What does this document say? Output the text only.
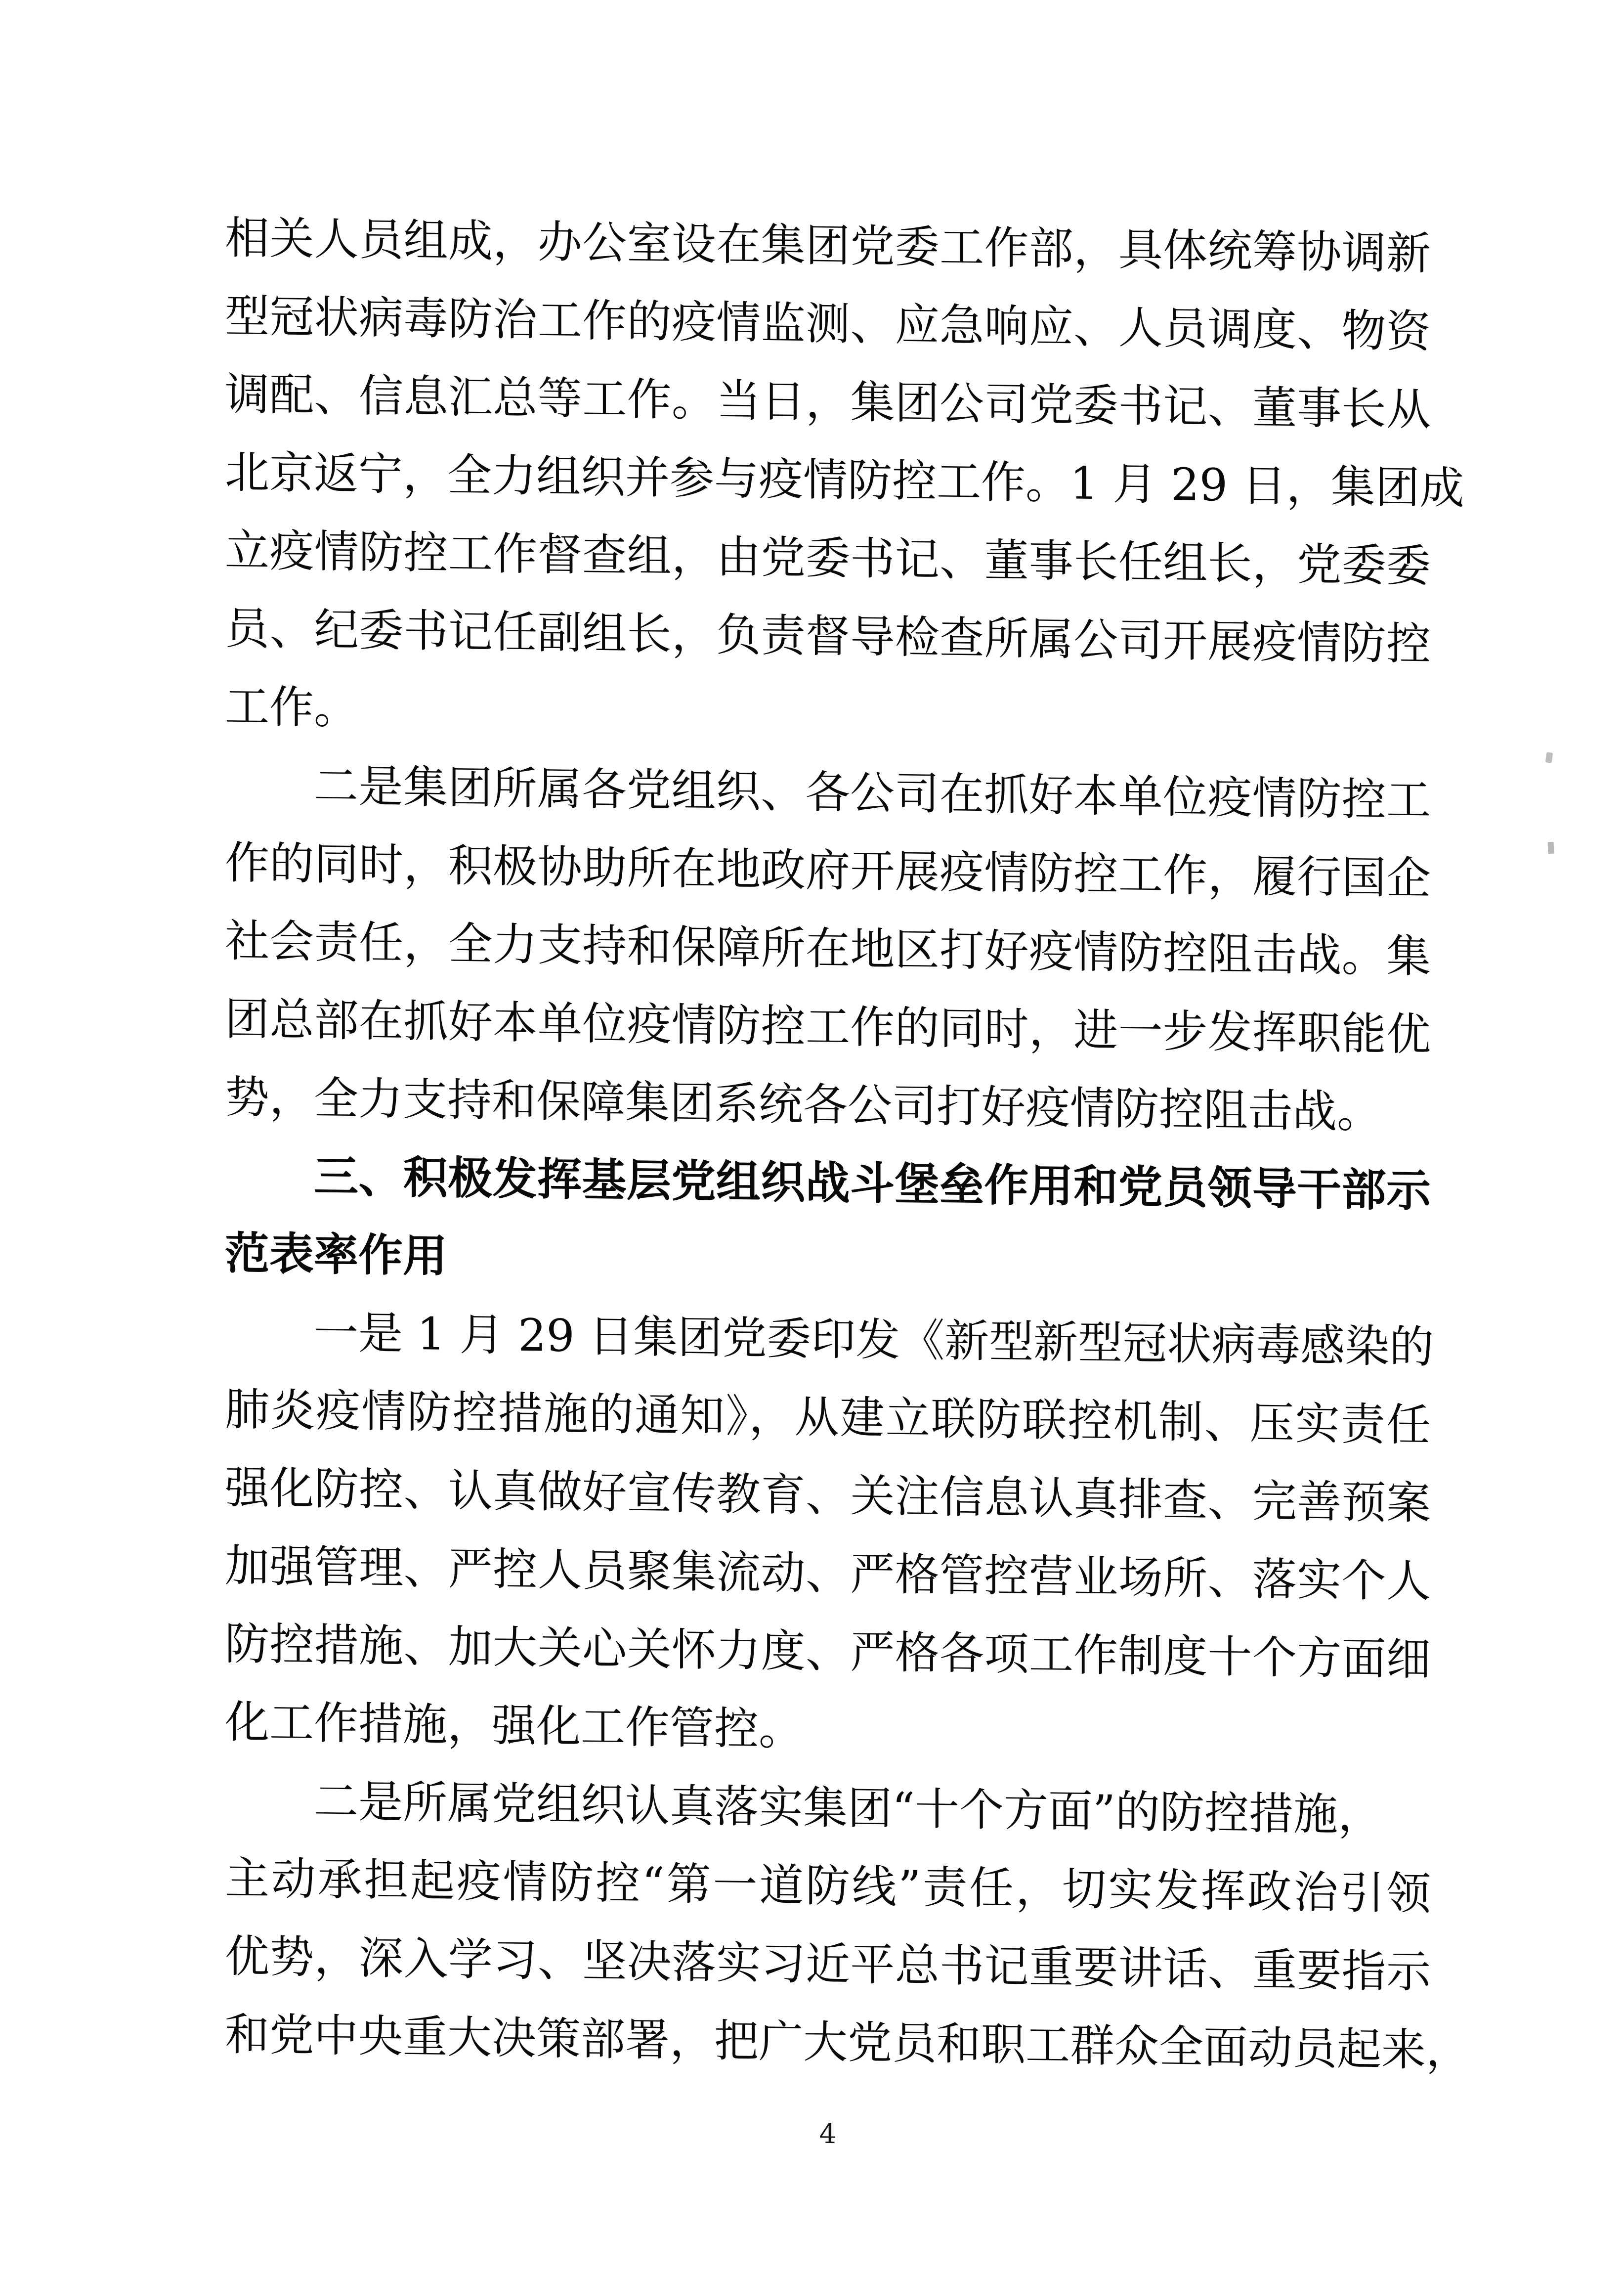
相关人员组成，办公室设在集团党委工作部，具体统筹协调新
型冠状病毒防治工作的疫情监测、应急响应、人员调度、物资
调配、信息汇总等工作。当日，集团公司党委书记、董事长从
北京返宁，全力组织并参与疫情防控工作。1 月 29 日，集团成
立疫情防控工作督查组，由党委书记、董事长任组长，党委委
员、纪委书记任副组长，负责督导检查所属公司开展疫情防控
工作。
二是集团所属各党组织、各公司在抓好本单位疫情防控工
作的同时，积极协助所在地政府开展疫情防控工作，履行国企
社会责任，全力支持和保障所在地区打好疫情防控阻击战。集
团总部在抓好本单位疫情防控工作的同时，进一步发挥职能优
势，全力支持和保障集团系统各公司打好疫情防控阻击战。
三、积极发挥基层党组织战斗堡垒作用和党员领导干部示
范表率作用
一是 1 月 29 日集团党委印发《新型新型冠状病毒感染的
肺炎疫情防控措施的通知》，从建立联防联控机制、压实责任
强化防控、认真做好宣传教育、关注信息认真排查、完善预案
加强管理、严控人员聚集流动、严格管控营业场所、落实个人
防控措施、加大关心关怀力度、严格各项工作制度十个方面细
化工作措施，强化工作管控。
二是所属党组织认真落实集团“十个方面”的防控措施，
主动承担起疫情防控“第一道防线”责任，切实发挥政治引领
优势，深入学习、坚决落实习近平总书记重要讲话、重要指示
和党中央重大决策部署，把广大党员和职工群众全面动员起来，
4
